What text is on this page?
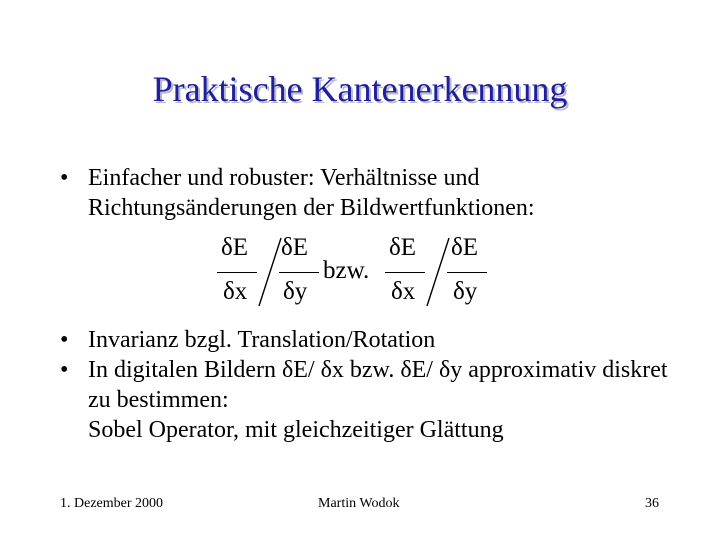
Praktische Kantenerkennung
• Einfacher und robuster: Verhältnisse und Richtungsänderungen der Bildwertfunktionen:
δE
δx
δE
δy
bzw.
δE
δx
δE
δy
• Invarianz bzgl. Translation/Rotation
• In digitalen Bildern δE/ δx bzw. δE/ δy approximativ diskret zu bestimmen:
Sobel Operator, mit gleichzeitiger Glättung
1. Dezember 2000	Martin Wodok	36
